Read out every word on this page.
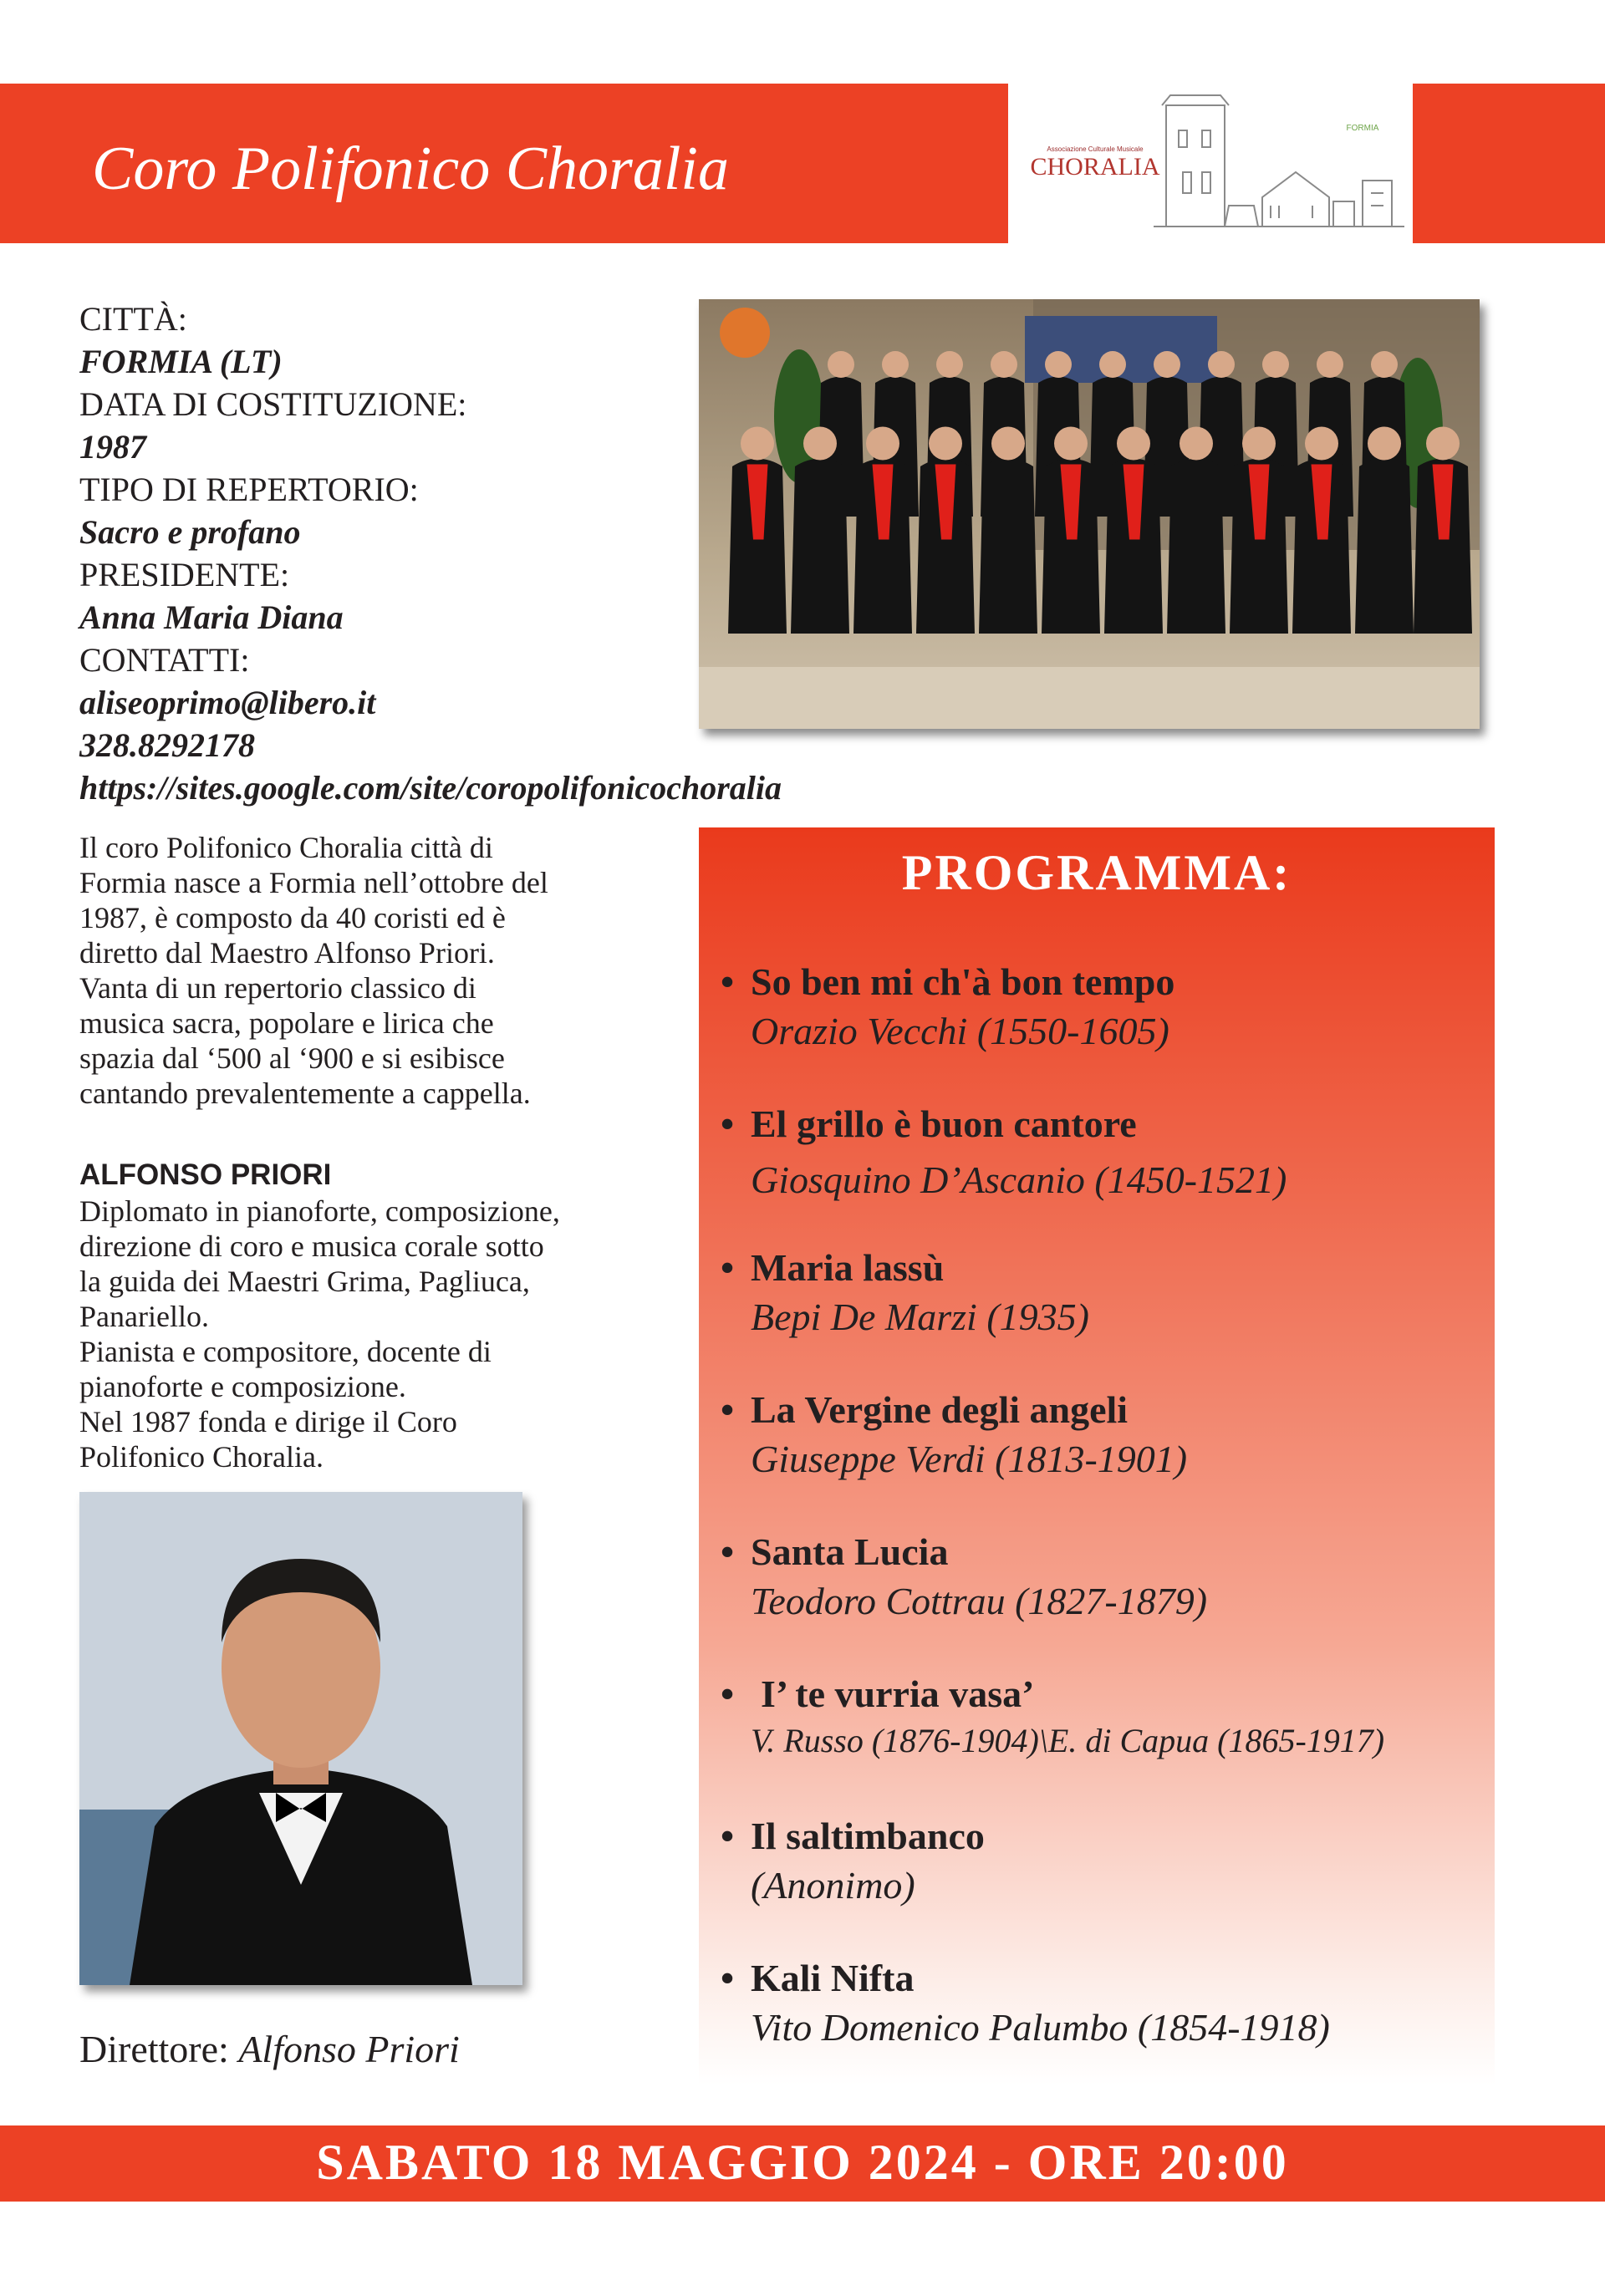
Coro Polifonico Choralia	Associazione Culturale Musicale
CHORALIA
FORMIA
CITTÀ:
FORMIA (LT)
DATA DI COSTITUZIONE:
1987
TIPO DI REPERTORIO:
Sacro e profano
PRESIDENTE:
Anna Maria Diana
CONTATTI:
aliseoprimo@libero.it
328.8292178
https://sites.google.com/site/coropolifonicochoralia
Il coro Polifonico Choralia città di
Formia nasce a Formia nell’ottobre del
1987, è composto da 40 coristi ed è
diretto dal Maestro Alfonso Priori.
Vanta di un repertorio classico di
musica sacra, popolare e lirica che
spazia dal ‘500 al ‘900 e si esibisce
cantando prevalentemente a cappella.
ALFONSO PRIORI
Diplomato in pianoforte, composizione,
direzione di coro e musica corale sotto
la guida dei Maestri Grima, Pagliuca,
Panariello.
Pianista e compositore, docente di
pianoforte e composizione.
Nel 1987 fonda e dirige il Coro
Polifonico Choralia.
Direttore: Alfonso Priori
PROGRAMMA:
• So ben mi ch'à bon tempo
Orazio Vecchi (1550-1605)
• El grillo è buon cantore
Giosquino D’Ascanio (1450-1521)
• Maria lassù
Bepi De Marzi (1935)
• La Vergine degli angeli
Giuseppe Verdi (1813-1901)
• Santa Lucia
Teodoro Cottrau (1827-1879)
• I’ te vurria vasa’
V. Russo (1876-1904)\E. di Capua (1865-1917)
• Il saltimbanco
(Anonimo)
• Kali Nifta
Vito Domenico Palumbo (1854-1918)
SABATO 18 MAGGIO 2024 - ORE 20:00
